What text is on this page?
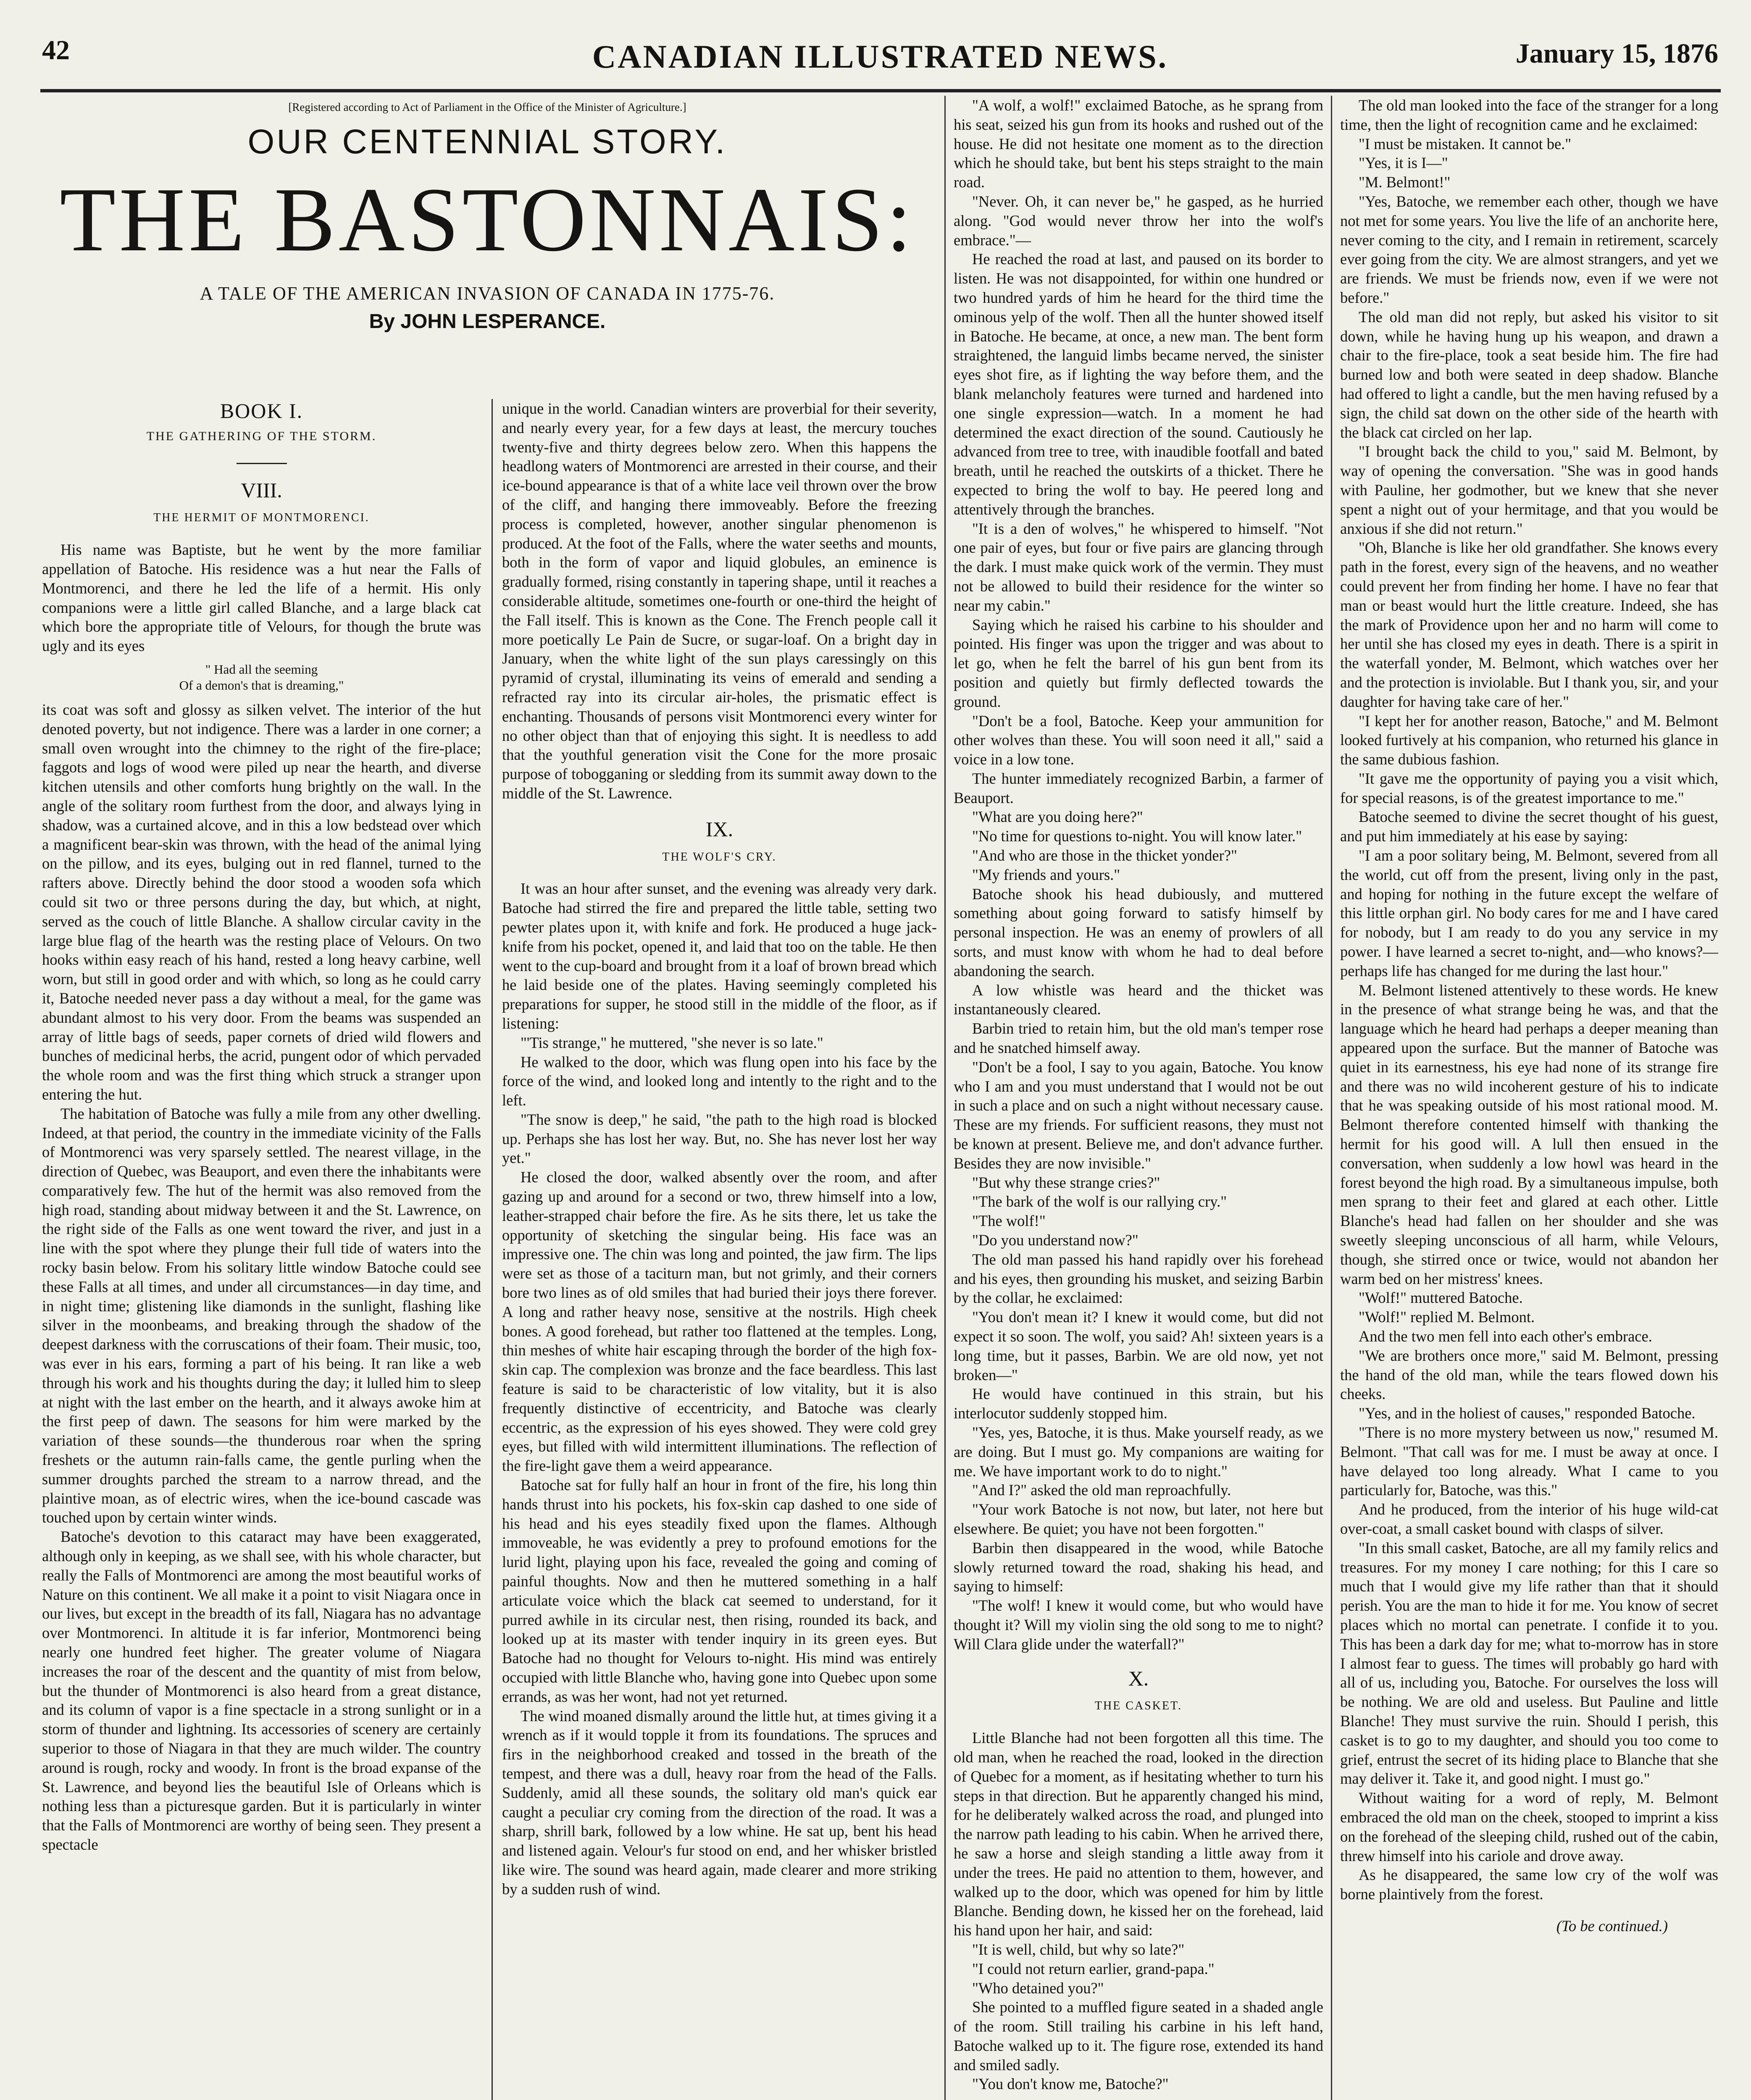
42	CANADIAN ILLUSTRATED NEWS.	January 15, 1876
[Registered according to Act of Parliament in the Office of the Minister of Agriculture.]
OUR CENTENNIAL STORY.
THE BASTONNAIS:
A TALE OF THE AMERICAN INVASION OF CANADA IN 1775-76.
By JOHN LESPERANCE.
BOOK I.
THE GATHERING OF THE STORM.
VIII.
THE HERMIT OF MONTMORENCI.

His name was Baptiste, but he went by the more familiar appellation of Batoche. His residence was a hut near the Falls of Montmorenci, and there he led the life of a hermit. His only companions were a little girl called Blanche, and a large black cat which bore the appropriate title of Velours, for though the brute was ugly and its eyes

" Had all the seeming
Of a demon's that is dreaming,"

its coat was soft and glossy as silken velvet. The interior of the hut denoted poverty, but not indigence. There was a larder in one corner; a small oven wrought into the chimney to the right of the fire-place; faggots and logs of wood were piled up near the hearth, and diverse kitchen utensils and other comforts hung brightly on the wall. In the angle of the solitary room furthest from the door, and always lying in shadow, was a curtained alcove, and in this a low bedstead over which a magnificent bear-skin was thrown, with the head of the animal lying on the pillow, and its eyes, bulging out in red flannel, turned to the rafters above. Directly behind the door stood a wooden sofa which could sit two or three persons during the day, but which, at night, served as the couch of little Blanche. A shallow circular cavity in the large blue flag of the hearth was the resting place of Velours. On two hooks within easy reach of his hand, rested a long heavy carbine, well worn, but still in good order and with which, so long as he could carry it, Batoche needed never pass a day without a meal, for the game was abundant almost to his very door. From the beams was suspended an array of little bags of seeds, paper cornets of dried wild flowers and bunches of medicinal herbs, the acrid, pungent odor of which pervaded the whole room and was the first thing which struck a stranger upon entering the hut.

The habitation of Batoche was fully a mile from any other dwelling. Indeed, at that period, the country in the immediate vicinity of the Falls of Montmorenci was very sparsely settled. The nearest village, in the direction of Quebec, was Beauport, and even there the inhabitants were comparatively few. The hut of the hermit was also removed from the high road, standing about midway between it and the St. Lawrence, on the right side of the Falls as one went toward the river, and just in a line with the spot where they plunge their full tide of waters into the rocky basin below. From his solitary little window Batoche could see these Falls at all times, and under all circumstances—in day time, and in night time; glistening like diamonds in the sunlight, flashing like silver in the moonbeams, and breaking through the shadow of the deepest darkness with the corruscations of their foam. Their music, too, was ever in his ears, forming a part of his being. It ran like a web through his work and his thoughts during the day; it lulled him to sleep at night with the last ember on the hearth, and it always awoke him at the first peep of dawn. The seasons for him were marked by the variation of these sounds—the thunderous roar when the spring freshets or the autumn rain-falls came, the gentle purling when the summer droughts parched the stream to a narrow thread, and the plaintive moan, as of electric wires, when the ice-bound cascade was touched upon by certain winter winds.

Batoche's devotion to this cataract may have been exaggerated, although only in keeping, as we shall see, with his whole character, but really the Falls of Montmorenci are among the most beautiful works of Nature on this continent. We all make it a point to visit Niagara once in our lives, but except in the breadth of its fall, Niagara has no advantage over Montmorenci. In altitude it is far inferior, Montmorenci being nearly one hundred feet higher. The greater volume of Niagara increases the roar of the descent and the quantity of mist from below, but the thunder of Montmorenci is also heard from a great distance, and its column of vapor is a fine spectacle in a strong sunlight or in a storm of thunder and lightning. Its accessories of scenery are certainly superior to those of Niagara in that they are much wilder. The country around is rough, rocky and woody. In front is the broad expanse of the St. Lawrence, and beyond lies the beautiful Isle of Orleans which is nothing less than a picturesque garden. But it is particularly in winter that the Falls of Montmorenci are worthy of being seen. They present a spectacle

unique in the world. Canadian winters are proverbial for their severity, and nearly every year, for a few days at least, the mercury touches twenty-five and thirty degrees below zero. When this happens the headlong waters of Montmorenci are arrested in their course, and their ice-bound appearance is that of a white lace veil thrown over the brow of the cliff, and hanging there immoveably. Before the freezing process is completed, however, another singular phenomenon is produced. At the foot of the Falls, where the water seeths and mounts, both in the form of vapor and liquid globules, an eminence is gradually formed, rising constantly in tapering shape, until it reaches a considerable altitude, sometimes one-fourth or one-third the height of the Fall itself. This is known as the Cone. The French people call it more poetically Le Pain de Sucre, or sugar-loaf. On a bright day in January, when the white light of the sun plays caressingly on this pyramid of crystal, illuminating its veins of emerald and sending a refracted ray into its circular air-holes, the prismatic effect is enchanting. Thousands of persons visit Montmorenci every winter for no other object than that of enjoying this sight. It is needless to add that the youthful generation visit the Cone for the more prosaic purpose of tobogganing or sledding from its summit away down to the middle of the St. Lawrence.

IX.
THE WOLF'S CRY.

It was an hour after sunset, and the evening was already very dark. Batoche had stirred the fire and prepared the little table, setting two pewter plates upon it, with knife and fork. He produced a huge jack-knife from his pocket, opened it, and laid that too on the table. He then went to the cup-board and brought from it a loaf of brown bread which he laid beside one of the plates. Having seemingly completed his preparations for supper, he stood still in the middle of the floor, as if listening:

"'Tis strange," he muttered, "she never is so late."

He walked to the door, which was flung open into his face by the force of the wind, and looked long and intently to the right and to the left.

"The snow is deep," he said, "the path to the high road is blocked up. Perhaps she has lost her way. But, no. She has never lost her way yet."

He closed the door, walked absently over the room, and after gazing up and around for a second or two, threw himself into a low, leather-strapped chair before the fire. As he sits there, let us take the opportunity of sketching the singular being. His face was an impressive one. The chin was long and pointed, the jaw firm. The lips were set as those of a taciturn man, but not grimly, and their corners bore two lines as of old smiles that had buried their joys there forever. A long and rather heavy nose, sensitive at the nostrils. High cheek bones. A good forehead, but rather too flattened at the temples. Long, thin meshes of white hair escaping through the border of the high fox-skin cap. The complexion was bronze and the face beardless. This last feature is said to be characteristic of low vitality, but it is also frequently distinctive of eccentricity, and Batoche was clearly eccentric, as the expression of his eyes showed. They were cold grey eyes, but filled with wild intermittent illuminations. The reflection of the fire-light gave them a weird appearance.

Batoche sat for fully half an hour in front of the fire, his long thin hands thrust into his pockets, his fox-skin cap dashed to one side of his head and his eyes steadily fixed upon the flames. Although immoveable, he was evidently a prey to profound emotions for the lurid light, playing upon his face, revealed the going and coming of painful thoughts. Now and then he muttered something in a half articulate voice which the black cat seemed to understand, for it purred awhile in its circular nest, then rising, rounded its back, and looked up at its master with tender inquiry in its green eyes. But Batoche had no thought for Velours to-night. His mind was entirely occupied with little Blanche who, having gone into Quebec upon some errands, as was her wont, had not yet returned.

The wind moaned dismally around the little hut, at times giving it a wrench as if it would topple it from its foundations. The spruces and firs in the neighborhood creaked and tossed in the breath of the tempest, and there was a dull, heavy roar from the head of the Falls. Suddenly, amid all these sounds, the solitary old man's quick ear caught a peculiar cry coming from the direction of the road. It was a sharp, shrill bark, followed by a low whine. He sat up, bent his head and listened again. Velour's fur stood on end, and her whisker bristled like wire. The sound was heard again, made clearer and more striking by a sudden rush of wind.

"A wolf, a wolf!" exclaimed Batoche, as he sprang from his seat, seized his gun from its hooks and rushed out of the house. He did not hesitate one moment as to the direction which he should take, but bent his steps straight to the main road.

"Never. Oh, it can never be," he gasped, as he hurried along. "God would never throw her into the wolf's embrace."—

He reached the road at last, and paused on its border to listen. He was not disappointed, for within one hundred or two hundred yards of him he heard for the third time the ominous yelp of the wolf. Then all the hunter showed itself in Batoche. He became, at once, a new man. The bent form straightened, the languid limbs became nerved, the sinister eyes shot fire, as if lighting the way before them, and the blank melancholy features were turned and hardened into one single expression—watch. In a moment he had determined the exact direction of the sound. Cautiously he advanced from tree to tree, with inaudible footfall and bated breath, until he reached the outskirts of a thicket. There he expected to bring the wolf to bay. He peered long and attentively through the branches.

"It is a den of wolves," he whispered to himself. "Not one pair of eyes, but four or five pairs are glancing through the dark. I must make quick work of the vermin. They must not be allowed to build their residence for the winter so near my cabin."

Saying which he raised his carbine to his shoulder and pointed. His finger was upon the trigger and was about to let go, when he felt the barrel of his gun bent from its position and quietly but firmly deflected towards the ground.

"Don't be a fool, Batoche. Keep your ammunition for other wolves than these. You will soon need it all," said a voice in a low tone.

The hunter immediately recognized Barbin, a farmer of Beauport.

"What are you doing here?"

"No time for questions to-night. You will know later."

"And who are those in the thicket yonder?"

"My friends and yours."

Batoche shook his head dubiously, and muttered something about going forward to satisfy himself by personal inspection. He was an enemy of prowlers of all sorts, and must know with whom he had to deal before abandoning the search.

A low whistle was heard and the thicket was instantaneously cleared.

Barbin tried to retain him, but the old man's temper rose and he snatched himself away.

"Don't be a fool, I say to you again, Batoche. You know who I am and you must understand that I would not be out in such a place and on such a night without necessary cause. These are my friends. For sufficient reasons, they must not be known at present. Believe me, and don't advance further. Besides they are now invisible."

"But why these strange cries?"

"The bark of the wolf is our rallying cry."

"The wolf!"

"Do you understand now?"

The old man passed his hand rapidly over his forehead and his eyes, then grounding his musket, and seizing Barbin by the collar, he exclaimed:

"You don't mean it? I knew it would come, but did not expect it so soon. The wolf, you said? Ah! sixteen years is a long time, but it passes, Barbin. We are old now, yet not broken—"

He would have continued in this strain, but his interlocutor suddenly stopped him.

"Yes, yes, Batoche, it is thus. Make yourself ready, as we are doing. But I must go. My companions are waiting for me. We have important work to do to night."

"And I?" asked the old man reproachfully.

"Your work Batoche is not now, but later, not here but elsewhere. Be quiet; you have not been forgotten."

Barbin then disappeared in the wood, while Batoche slowly returned toward the road, shaking his head, and saying to himself:

"The wolf! I knew it would come, but who would have thought it? Will my violin sing the old song to me to night? Will Clara glide under the waterfall?"

X.
THE CASKET.

Little Blanche had not been forgotten all this time. The old man, when he reached the road, looked in the direction of Quebec for a moment, as if hesitating whether to turn his steps in that direction. But he apparently changed his mind, for he deliberately walked across the road, and plunged into the narrow path leading to his cabin. When he arrived there, he saw a horse and sleigh standing a little away from it under the trees. He paid no attention to them, however, and walked up to the door, which was opened for him by little Blanche. Bending down, he kissed her on the forehead, laid his hand upon her hair, and said:

"It is well, child, but why so late?"

"I could not return earlier, grand-papa."

"Who detained you?"

She pointed to a muffled figure seated in a shaded angle of the room. Still trailing his carbine in his left hand, Batoche walked up to it. The figure rose, extended its hand and smiled sadly.

"You don't know me, Batoche?"

The old man looked into the face of the stranger for a long time, then the light of recognition came and he exclaimed:

"I must be mistaken. It cannot be."

"Yes, it is I—"

"M. Belmont!"

"Yes, Batoche, we remember each other, though we have not met for some years. You live the life of an anchorite here, never coming to the city, and I remain in retirement, scarcely ever going from the city. We are almost strangers, and yet we are friends. We must be friends now, even if we were not before."

The old man did not reply, but asked his visitor to sit down, while he having hung up his weapon, and drawn a chair to the fire-place, took a seat beside him. The fire had burned low and both were seated in deep shadow. Blanche had offered to light a candle, but the men having refused by a sign, the child sat down on the other side of the hearth with the black cat circled on her lap.

"I brought back the child to you," said M. Belmont, by way of opening the conversation. "She was in good hands with Pauline, her godmother, but we knew that she never spent a night out of your hermitage, and that you would be anxious if she did not return."

"Oh, Blanche is like her old grandfather. She knows every path in the forest, every sign of the heavens, and no weather could prevent her from finding her home. I have no fear that man or beast would hurt the little creature. Indeed, she has the mark of Providence upon her and no harm will come to her until she has closed my eyes in death. There is a spirit in the waterfall yonder, M. Belmont, which watches over her and the protection is inviolable. But I thank you, sir, and your daughter for having take care of her."

"I kept her for another reason, Batoche," and M. Belmont looked furtively at his companion, who returned his glance in the same dubious fashion.

"It gave me the opportunity of paying you a visit which, for special reasons, is of the greatest importance to me."

Batoche seemed to divine the secret thought of his guest, and put him immediately at his ease by saying:

"I am a poor solitary being, M. Belmont, severed from all the world, cut off from the present, living only in the past, and hoping for nothing in the future except the welfare of this little orphan girl. No body cares for me and I have cared for nobody, but I am ready to do you any service in my power. I have learned a secret to-night, and—who knows?—perhaps life has changed for me during the last hour."

M. Belmont listened attentively to these words. He knew in the presence of what strange being he was, and that the language which he heard had perhaps a deeper meaning than appeared upon the surface. But the manner of Batoche was quiet in its earnestness, his eye had none of its strange fire and there was no wild incoherent gesture of his to indicate that he was speaking outside of his most rational mood. M. Belmont therefore contented himself with thanking the hermit for his good will. A lull then ensued in the conversation, when suddenly a low howl was heard in the forest beyond the high road. By a simultaneous impulse, both men sprang to their feet and glared at each other. Little Blanche's head had fallen on her shoulder and she was sweetly sleeping unconscious of all harm, while Velours, though, she stirred once or twice, would not abandon her warm bed on her mistress' knees.

"Wolf!" muttered Batoche.

"Wolf!" replied M. Belmont.

And the two men fell into each other's embrace.

"We are brothers once more," said M. Belmont, pressing the hand of the old man, while the tears flowed down his cheeks.

"Yes, and in the holiest of causes," responded Batoche.

"There is no more mystery between us now," resumed M. Belmont. "That call was for me. I must be away at once. I have delayed too long already. What I came to you particularly for, Batoche, was this."

And he produced, from the interior of his huge wild-cat over-coat, a small casket bound with clasps of silver.

"In this small casket, Batoche, are all my family relics and treasures. For my money I care nothing; for this I care so much that I would give my life rather than that it should perish. You are the man to hide it for me. You know of secret places which no mortal can penetrate. I confide it to you. This has been a dark day for me; what to-morrow has in store I almost fear to guess. The times will probably go hard with all of us, including you, Batoche. For ourselves the loss will be nothing. We are old and useless. But Pauline and little Blanche! They must survive the ruin. Should I perish, this casket is to go to my daughter, and should you too come to grief, entrust the secret of its hiding place to Blanche that she may deliver it. Take it, and good night. I must go."

Without waiting for a word of reply, M. Belmont embraced the old man on the cheek, stooped to imprint a kiss on the forehead of the sleeping child, rushed out of the cabin, threw himself into his cariole and drove away.

As he disappeared, the same low cry of the wolf was borne plaintively from the forest.

(To be continued.)
